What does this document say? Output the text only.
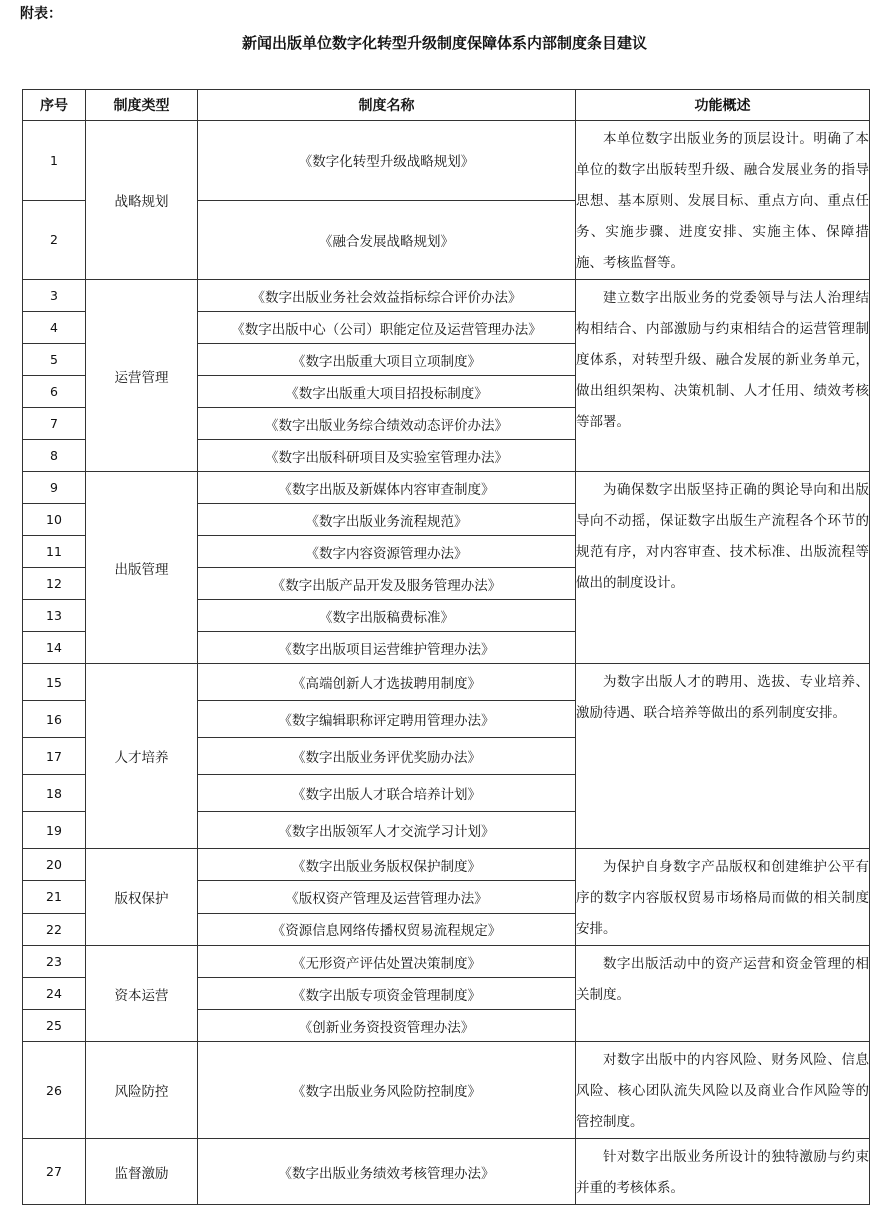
附表：
新闻出版单位数字化转型升级制度保障体系内部制度条目建议
序号	制度类型	制度名称	功能概述
1	战略规划	《数字化转型升级战略规划》	本单位数字出版业务的顶层设计。明确了本单位的数字出版转型升级、融合发展业务的指导思想、基本原则、发展目标、重点方向、重点任务、实施步骤、进度安排、实施主体、保障措施、考核监督等。
2		《融合发展战略规划》	
3	运营管理	《数字出版业务社会效益指标综合评价办法》	建立数字出版业务的党委领导与法人治理结构相结合、内部激励与约束相结合的运营管理制度体系，对转型升级、融合发展的新业务单元，做出组织架构、决策机制、人才任用、绩效考核等部署。
4		《数字出版中心（公司）职能定位及运营管理办法》	
5		《数字出版重大项目立项制度》	
6		《数字出版重大项目招投标制度》	
7		《数字出版业务综合绩效动态评价办法》	
8		《数字出版科研项目及实验室管理办法》	
9	出版管理	《数字出版及新媒体内容审查制度》	为确保数字出版坚持正确的舆论导向和出版导向不动摇，保证数字出版生产流程各个环节的规范有序，对内容审查、技术标准、出版流程等做出的制度设计。
10		《数字出版业务流程规范》	
11		《数字内容资源管理办法》	
12		《数字出版产品开发及服务管理办法》	
13		《数字出版稿费标准》	
14		《数字出版项目运营维护管理办法》	
15	人才培养	《高端创新人才选拔聘用制度》	为数字出版人才的聘用、选拔、专业培养、激励待遇、联合培养等做出的系列制度安排。
16		《数字编辑职称评定聘用管理办法》	
17		《数字出版业务评优奖励办法》	
18		《数字出版人才联合培养计划》	
19		《数字出版领军人才交流学习计划》	
20	版权保护	《数字出版业务版权保护制度》	为保护自身数字产品版权和创建维护公平有序的数字内容版权贸易市场格局而做的相关制度安排。
21		《版权资产管理及运营管理办法》	
22		《资源信息网络传播权贸易流程规定》	
23	资本运营	《无形资产评估处置决策制度》	数字出版活动中的资产运营和资金管理的相关制度。
24		《数字出版专项资金管理制度》	
25		《创新业务资投资管理办法》	
26	风险防控	《数字出版业务风险防控制度》	对数字出版中的内容风险、财务风险、信息风险、核心团队流失风险以及商业合作风险等的管控制度。
27	监督激励	《数字出版业务绩效考核管理办法》	针对数字出版业务所设计的独特激励与约束并重的考核体系。
